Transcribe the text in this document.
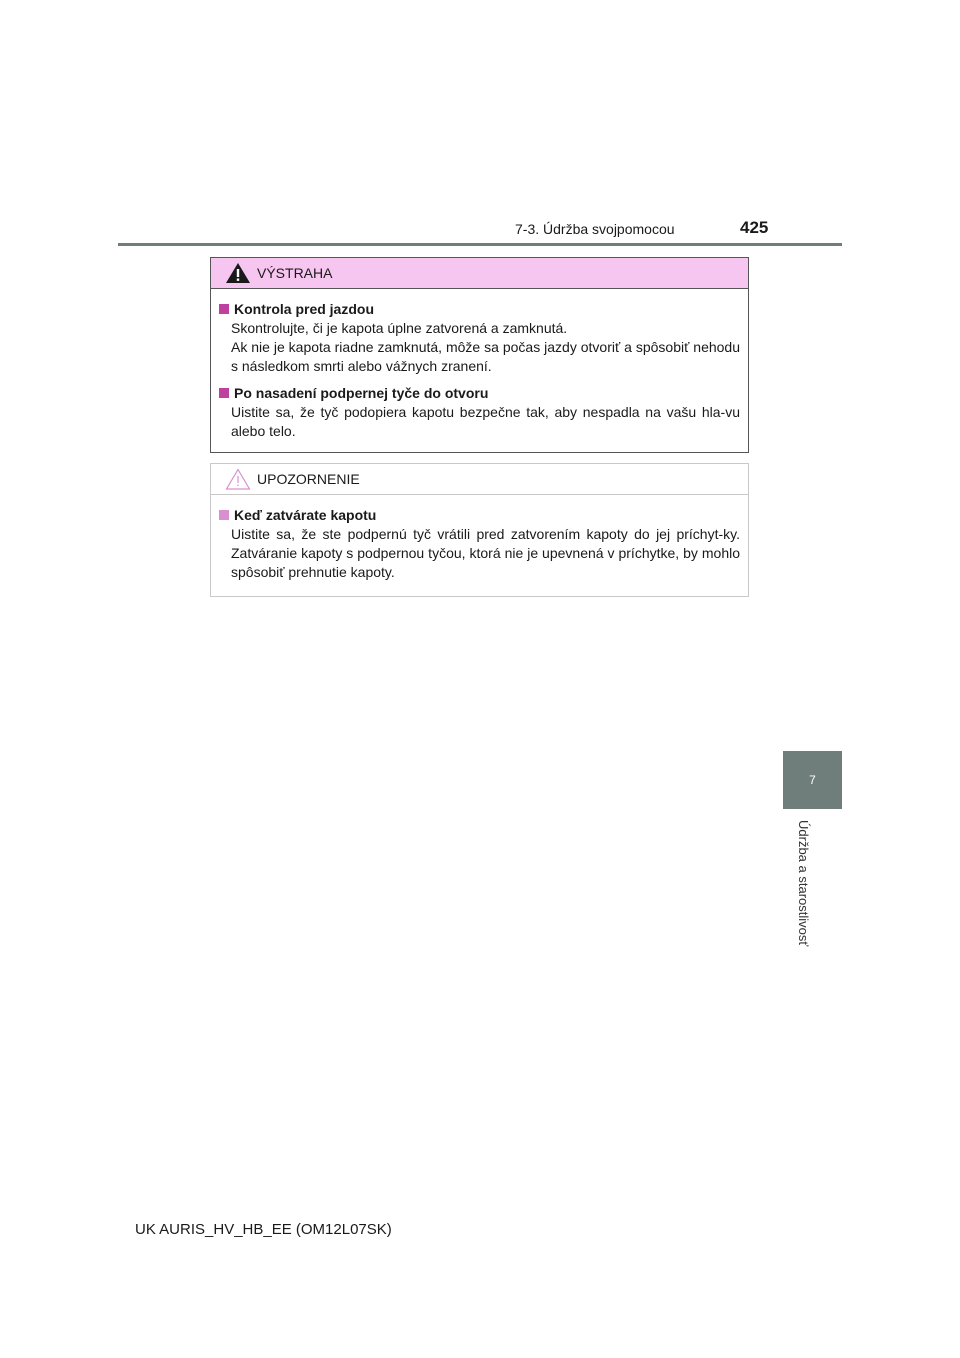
7-3. Údržba svojpomocou	425
7
Údržba a starostlivosť
VÝSTRAHA
Kontrola pred jazdou
Skontrolujte, či je kapota úplne zatvorená a zamknutá.
Ak nie je kapota riadne zamknutá, môže sa počas jazdy otvoriť a spôsobiť nehodu s následkom smrti alebo vážnych zranení.
Po nasadení podpernej tyče do otvoru
Uistite sa, že tyč podopiera kapotu bezpečne tak, aby nespadla na vašu hla-vu alebo telo.
UPOZORNENIE
Keď zatvárate kapotu
Uistite sa, že ste podpernú tyč vrátili pred zatvorením kapoty do jej príchyt-ky. Zatváranie kapoty s podpernou tyčou, ktorá nie je upevnená v príchytke, by mohlo spôsobiť prehnutie kapoty.
UK AURIS_HV_HB_EE (OM12L07SK)
